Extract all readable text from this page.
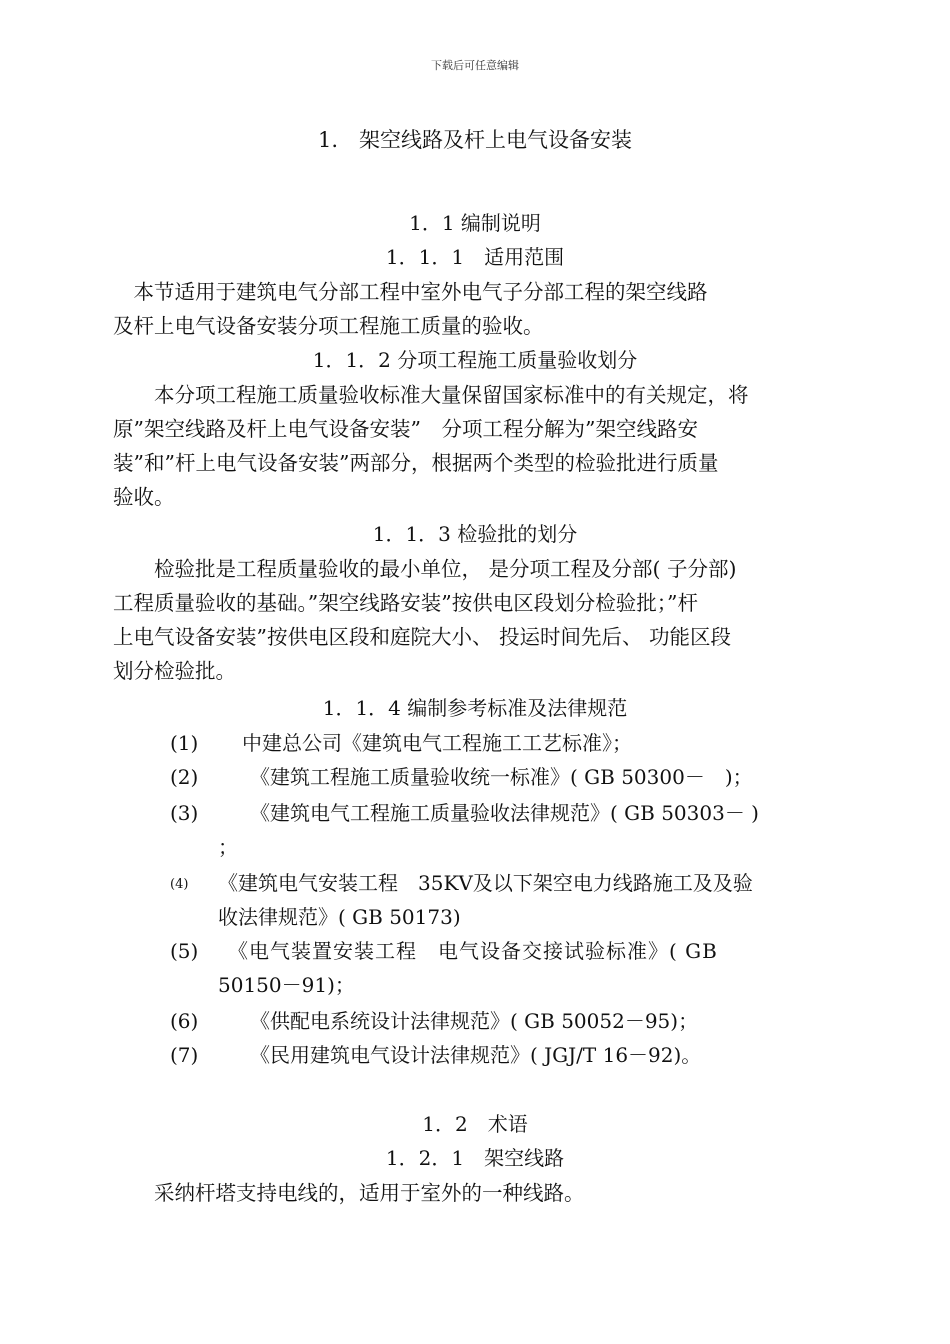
下载后可任意编辑
1.　架空线路及杆上电气设备安装
1．1 编制说明
1．1．1　适用范围
　本节适用于建筑电气分部工程中室外电气子分部工程的架空线路
及杆上电气设备安装分项工程施工质量的验收。
1．1．2 分项工程施工质量验收划分
　　本分项工程施工质量验收标准大量保留国家标准中的有关规定，将
原”架空线路及杆上电气设备安装”　分项工程分解为”架空线路安
装”和”杆上电气设备安装”两部分，根据两个类型的检验批进行质量
验收。
1．1．3 检验批的划分
　　检验批是工程质量验收的最小单位， 是分项工程及分部( 子分部)
工程质量验收的基础。”架空线路安装”按供电区段划分检验批；”杆
上电气设备安装”按供电区段和庭院大小、 投运时间先后、 功能区段
划分检验批。
1．1．4 编制参考标准及法律规范
(1) 中建总公司《建筑电气工程施工工艺标准》；
(2)	《建筑工程施工质量验收统一标准》( GB 50300－　)；
(3)	《建筑电气工程施工质量验收法律规范》( GB 50303－ )
；
(4) 《建筑电气安装工程　35KV及以下架空电力线路施工及及验
收法律规范》( GB 50173)
(5) 《电气装置安装工程　电气设备交接试验标准》( GB
50150－91)；
(6)	《供配电系统设计法律规范》( GB 50052－95)；
(7)	《民用建筑电气设计法律规范》( JGJ/T 16－92)。
1．2　术语
1．2．1　架空线路
　　采纳杆塔支持电线的，适用于室外的一种线路。
